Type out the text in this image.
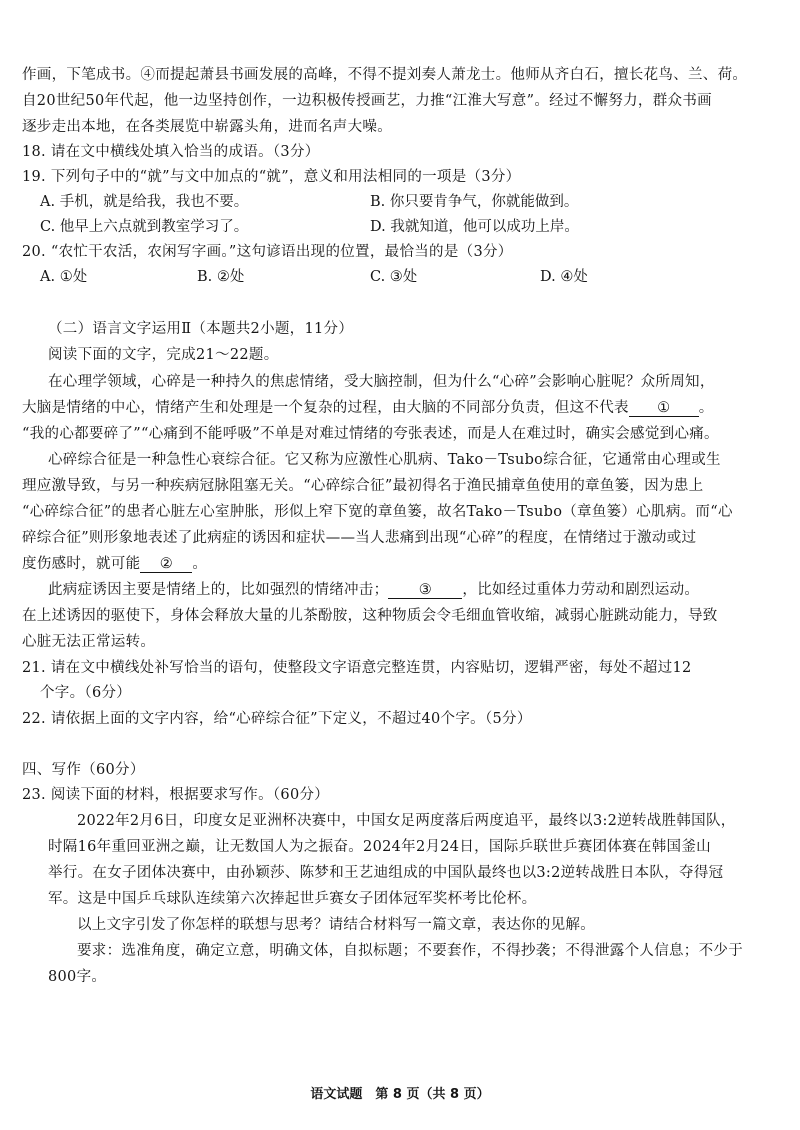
作画，下笔成书。④而提起萧县书画发展的高峰，不得不提刘奏人萧龙士。他师从齐白石，擅长花鸟、兰、荷。
自20世纪50年代起，他一边坚持创作，一边积极传授画艺，力推“江淮大写意”。经过不懈努力，群众书画
逐步走出本地，在各类展览中崭露头角，进而名声大噪。
18. 请在文中横线处填入恰当的成语。（3分）
19. 下列句子中的“就”与文中加点的“就”，意义和用法相同的一项是（3分）
A. 手机，就是给我，我也不要。	B. 你只要肯争气，你就能做到。
C. 他早上六点就到教室学习了。	D. 我就知道，他可以成功上岸。
20. “农忙干农活，农闲写字画。”这句谚语出现的位置，最恰当的是（3分）
A. ①处	B. ②处	C. ③处	D. ④处
（二）语言文字运用Ⅱ（本题共2小题，11分）
阅读下面的文字，完成21～22题。
在心理学领域，心碎是一种持久的焦虑情绪，受大脑控制，但为什么“心碎”会影响心脏呢？众所周知，
大脑是情绪的中心，情绪产生和处理是一个复杂的过程，由大脑的不同部分负责，但这不代表 ① 。
“我的心都要碎了”“心痛到不能呼吸”不单是对难过情绪的夸张表述，而是人在难过时，确实会感觉到心痛。
心碎综合征是一种急性心衰综合征。它又称为应激性心肌病、Tako－Tsubo综合征，它通常由心理或生
理应激导致，与另一种疾病冠脉阻塞无关。“心碎综合征”最初得名于渔民捕章鱼使用的章鱼篓，因为患上
“心碎综合征”的患者心脏左心室肿胀，形似上窄下宽的章鱼篓，故名Tako－Tsubo（章鱼篓）心肌病。而“心
碎综合征”则形象地表述了此病症的诱因和症状——当人悲痛到出现“心碎”的程度，在情绪过于激动或过
度伤感时，就可能 ② 。
此病症诱因主要是情绪上的，比如强烈的情绪冲击； ③ ，比如经过重体力劳动和剧烈运动。
在上述诱因的驱使下，身体会释放大量的儿茶酚胺，这种物质会令毛细血管收缩，减弱心脏跳动能力，导致
心脏无法正常运转。
21. 请在文中横线处补写恰当的语句，使整段文字语意完整连贯，内容贴切，逻辑严密，每处不超过12
个字。（6分）
22. 请依据上面的文字内容，给“心碎综合征”下定义，不超过40个字。（5分）
四、写作（60分）
23. 阅读下面的材料，根据要求写作。（60分）
2022年2月6日，印度女足亚洲杯决赛中，中国女足两度落后两度追平，最终以3:2逆转战胜韩国队，
时隔16年重回亚洲之巅，让无数国人为之振奋。2024年2月24日，国际乒联世乒赛团体赛在韩国釜山
举行。在女子团体决赛中，由孙颖莎、陈梦和王艺迪组成的中国队最终也以3:2逆转战胜日本队，夺得冠
军。这是中国乒乓球队连续第六次捧起世乒赛女子团体冠军奖杯考比伦杯。
以上文字引发了你怎样的联想与思考？请结合材料写一篇文章，表达你的见解。
要求：选准角度，确定立意，明确文体，自拟标题；不要套作，不得抄袭；不得泄露个人信息；不少于
800字。
语文试题　第 8 页（共 8 页）
